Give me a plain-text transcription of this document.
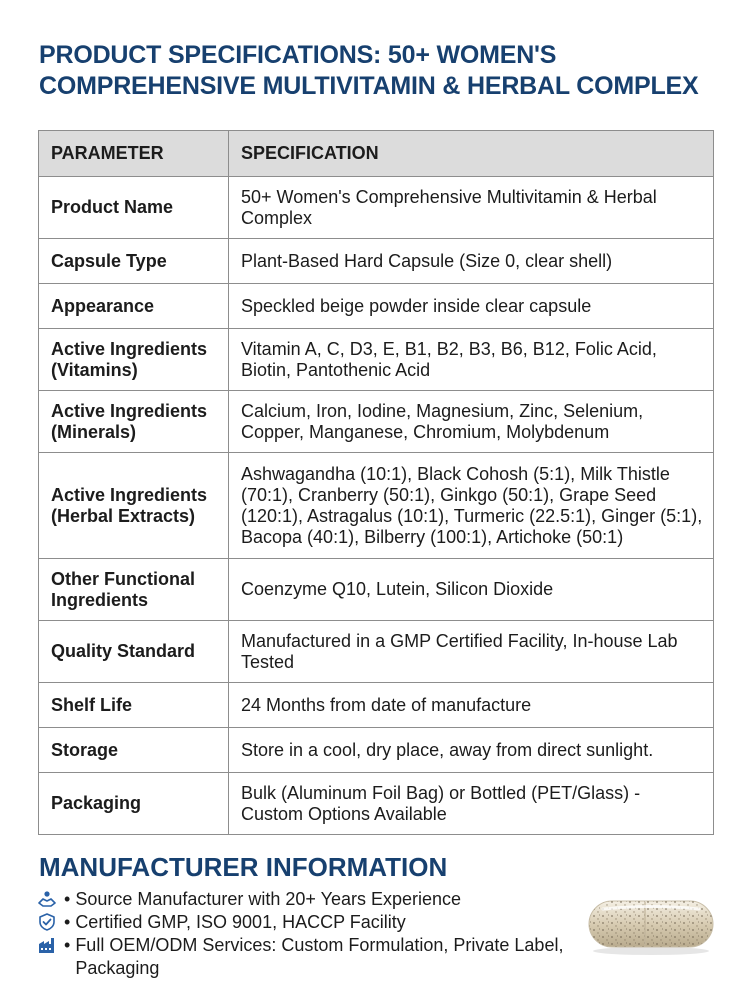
PRODUCT SPECIFICATIONS: 50+ WOMEN'S
COMPREHENSIVE MULTIVITAMIN & HERBAL COMPLEX
PARAMETER	SPECIFICATION
Product Name	50+ Women's Comprehensive Multivitamin & Herbal Complex
Capsule Type	Plant-Based Hard Capsule (Size 0, clear shell)
Appearance	Speckled beige powder inside clear capsule
Active Ingredients (Vitamins)	Vitamin A, C, D3, E, B1, B2, B3, B6, B12, Folic Acid, Biotin, Pantothenic Acid
Active Ingredients (Minerals)	Calcium, Iron, Iodine, Magnesium, Zinc, Selenium, Copper, Manganese, Chromium, Molybdenum
Active Ingredients (Herbal Extracts)	Ashwagandha (10:1), Black Cohosh (5:1), Milk Thistle (70:1), Cranberry (50:1), Ginkgo (50:1), Grape Seed (120:1), Astragalus (10:1), Turmeric (22.5:1), Ginger (5:1), Bacopa (40:1), Bilberry (100:1), Artichoke (50:1)
Other Functional Ingredients	Coenzyme Q10, Lutein, Silicon Dioxide
Quality Standard	Manufactured in a GMP Certified Facility, In-house Lab Tested
Shelf Life	24 Months from date of manufacture
Storage	Store in a cool, dry place, away from direct sunlight.
Packaging	Bulk (Aluminum Foil Bag) or Bottled (PET/Glass) - Custom Options Available
MANUFACTURER INFORMATION
• Source Manufacturer with 20+ Years Experience
• Certified GMP, ISO 9001, HACCP Facility
• Full OEM/ODM Services: Custom Formulation, Private Label, Packaging
